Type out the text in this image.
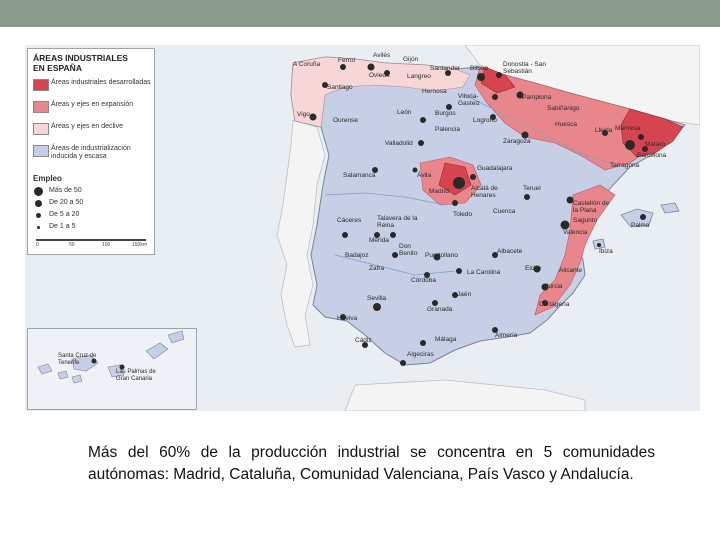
A Coruña
Ferrol
Avilés
Gijón
Oviedo	Langreo
Santander Bilbao
Donostia - San Sebastián
Santiago
Hernosa
Vitoria-Gasteiz
Pamplona
Vigo
Ourense
León	Burgos
Logroño
Sabiñánigo
Huesca
Palencia
Zaragoza
Valladolid
Lleida Manresa
Mataró
Barcelona
Tarragona
Salamanca	Ávila
Guadalajara
Madrid	Alcalá de Henares
Teruel
Castellón de la Plana
Sagunto
Palma
Ibiza
Toledo	Cuenca
Cáceres Talavera de la Reina
Valencia
Mérida
Badajoz
Don Benito	Puertollano
Albacete
Zafra	Elche	Alicante
Córdoba
La Carolina
Murcia
Jaén
Sevilla
Cartagena
Huelva
Granada
Almería
Cádiz	Málaga
Algeciras
ÁREAS INDUSTRIALES
EN ESPAÑA
Áreas industriales desarrolladas
Áreas y ejes en expansión
Áreas y ejes en declive
Áreas de industrialización inducida y escasa
Empleo
Más de 50
De 20 a 50
De 5 a 20
De 1 a 5
0	50	100	150km
Santa Cruz de Tenerife
Las Palmas de Gran Canaria
Más del 60% de la producción industrial se concentra en 5 comunidades autónomas: Madrid, Cataluña, Comunidad Valenciana, País Vasco y Andalucía.
